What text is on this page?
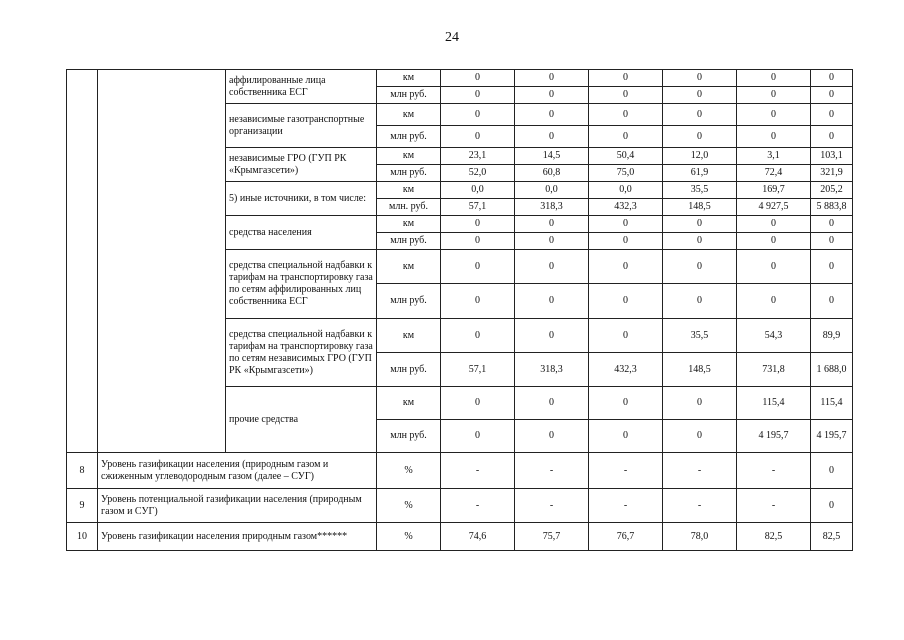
24
		аффилированные лица собственника ЕСГ	км	0	0	0	0	0	0
			млн руб.	0	0	0	0	0	0
		независимые газотранспортные организации	км	0	0	0	0	0	0
			млн руб.	0	0	0	0	0	0
		независимые ГРО (ГУП РК «Крымгазсети»)	км	23,1	14,5	50,4	12,0	3,1	103,1
			млн руб.	52,0	60,8	75,0	61,9	72,4	321,9
		5) иные источники, в том числе:	км	0,0	0,0	0,0	35,5	169,7	205,2
			млн. руб.	57,1	318,3	432,3	148,5	4 927,5	5 883,8
		средства населения	км	0	0	0	0	0	0
			млн руб.	0	0	0	0	0	0
		средства специальной надбавки к тарифам на транспортировку газа по сетям аффилированных лиц собственника ЕСГ	км	0	0	0	0	0	0
			млн руб.	0	0	0	0	0	0
		средства специальной надбавки к тарифам на транспортировку газа по сетям независимых ГРО (ГУП РК «Крымгазсети»)	км	0	0	0	35,5	54,3	89,9
			млн руб.	57,1	318,3	432,3	148,5	731,8	1 688,0
		прочие средства	км	0	0	0	0	115,4	115,4
			млн руб.	0	0	0	0	4 195,7	4 195,7
8	Уровень газификации населения (природным газом и сжиженным углеводородным газом (далее – СУГ)		%	-	-	-	-	-	0
9	Уровень потенциальной газификации населения (природным газом и СУГ)		%	-	-	-	-	-	0
10	Уровень газификации населения природным газом******		%	74,6	75,7	76,7	78,0	82,5	82,5
